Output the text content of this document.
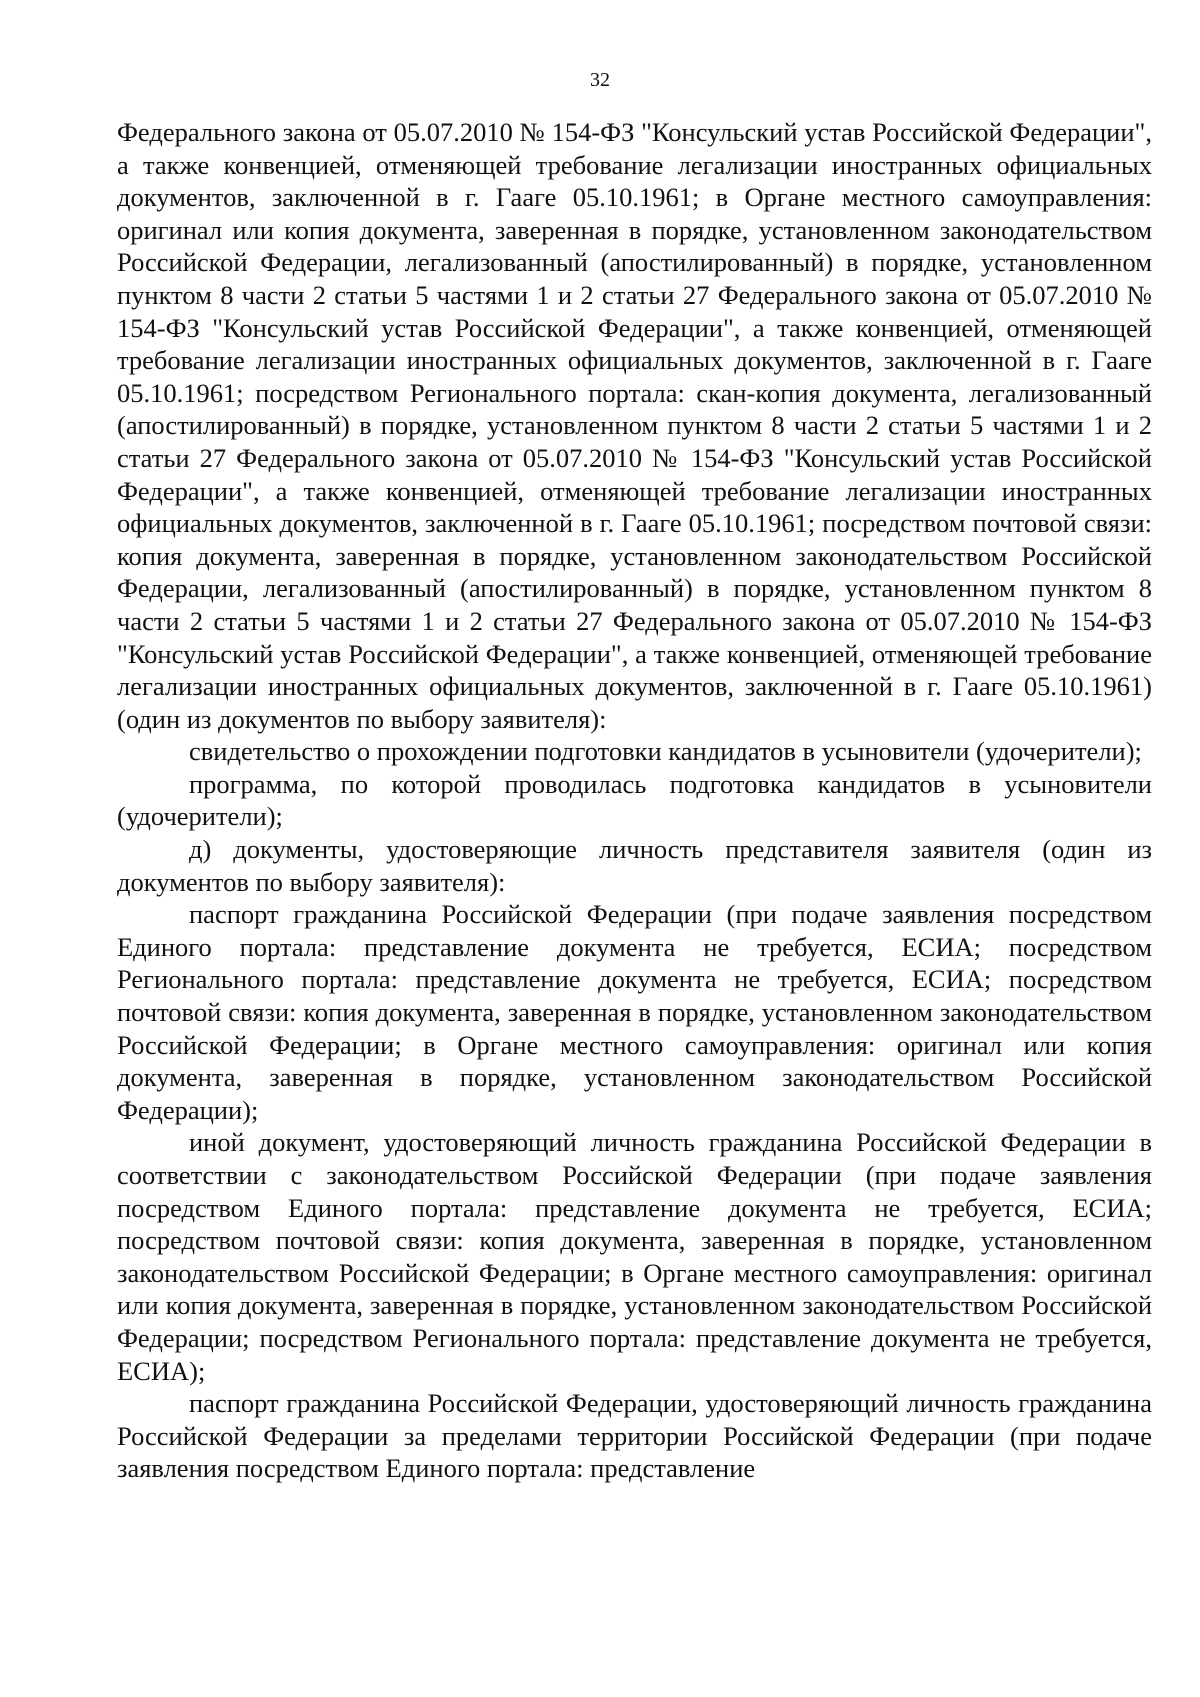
32

Федерального закона от 05.07.2010 № 154-ФЗ "Консульский устав Российской Федерации", а также конвенцией, отменяющей требование легализации иностранных официальных документов, заключенной в г. Гааге 05.10.1961; в Органе местного самоуправления: оригинал или копия документа, заверенная в порядке, установленном законодательством Российской Федерации, легализованный (апостилированный) в порядке, установленном пунктом 8 части 2 статьи 5 частями 1 и 2 статьи 27 Федерального закона от 05.07.2010 № 154-ФЗ "Консульский устав Российской Федерации", а также конвенцией, отменяющей требование легализации иностранных официальных документов, заключенной в г. Гааге 05.10.1961; посредством Регионального портала: скан-копия документа, легализованный (апостилированный) в порядке, установленном пунктом 8 части 2 статьи 5 частями 1 и 2 статьи 27 Федерального закона от 05.07.2010 № 154-ФЗ "Консульский устав Российской Федерации", а также конвенцией, отменяющей требование легализации иностранных официальных документов, заключенной в г. Гааге 05.10.1961; посредством почтовой связи: копия документа, заверенная в порядке, установленном законодательством Российской Федерации, легализованный (апостилированный) в порядке, установленном пунктом 8 части 2 статьи 5 частями 1 и 2 статьи 27 Федерального закона от 05.07.2010 № 154-ФЗ "Консульский устав Российской Федерации", а также конвенцией, отменяющей требование легализации иностранных официальных документов, заключенной в г. Гааге 05.10.1961) (один из документов по выбору заявителя):

свидетельство о прохождении подготовки кандидатов в усыновители (удочерители);

программа, по которой проводилась подготовка кандидатов в усыновители (удочерители);

д) документы, удостоверяющие личность представителя заявителя (один из документов по выбору заявителя):

паспорт гражданина Российской Федерации (при подаче заявления посредством Единого портала: представление документа не требуется, ЕСИА; посредством Регионального портала: представление документа не требуется, ЕСИА; посредством почтовой связи: копия документа, заверенная в порядке, установленном законодательством Российской Федерации; в Органе местного самоуправления: оригинал или копия документа, заверенная в порядке, установленном законодательством Российской Федерации);

иной документ, удостоверяющий личность гражданина Российской Федерации в соответствии с законодательством Российской Федерации (при подаче заявления посредством Единого портала: представление документа не требуется, ЕСИА; посредством почтовой связи: копия документа, заверенная в порядке, установленном законодательством Российской Федерации; в Органе местного самоуправления: оригинал или копия документа, заверенная в порядке, установленном законодательством Российской Федерации; посредством Регионального портала: представление документа не требуется, ЕСИА);

паспорт гражданина Российской Федерации, удостоверяющий личность гражданина Российской Федерации за пределами территории Российской Федерации (при подаче заявления посредством Единого портала: представление
